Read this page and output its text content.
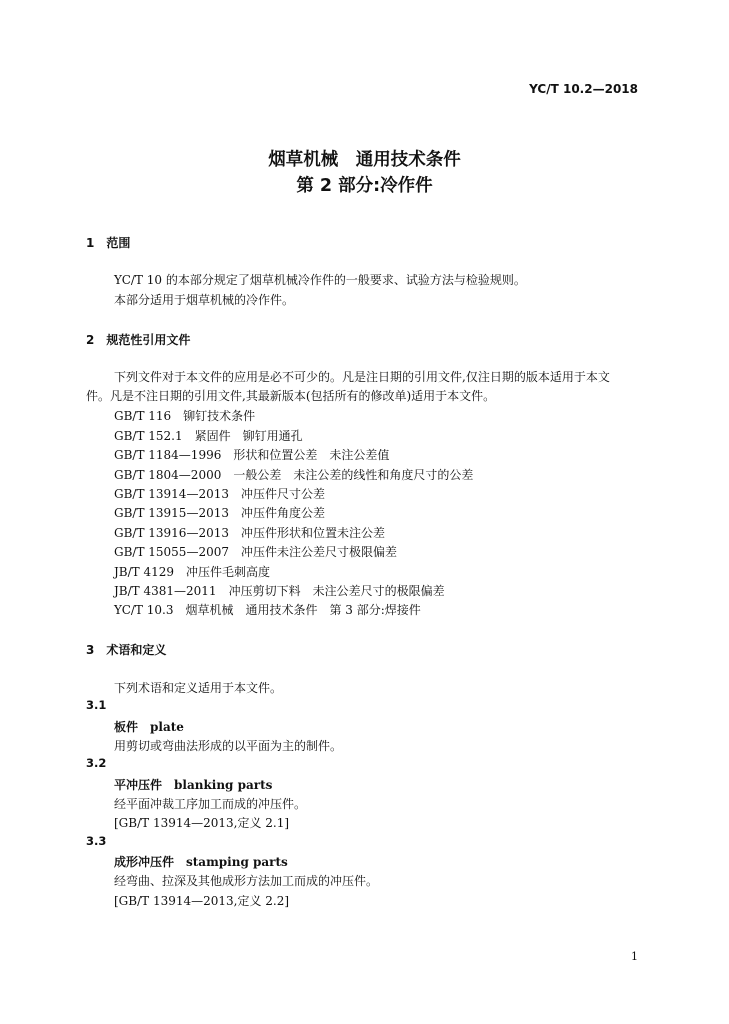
YC/T 10.2—2018
烟草机械　通用技术条件
第 2 部分:冷作件
1　范围
YC/T 10 的本部分规定了烟草机械冷作件的一般要求、试验方法与检验规则。
本部分适用于烟草机械的冷作件。
2　规范性引用文件
下列文件对于本文件的应用是必不可少的。凡是注日期的引用文件,仅注日期的版本适用于本文
件。凡是不注日期的引用文件,其最新版本(包括所有的修改单)适用于本文件。
GB/T 116　铆钉技术条件
GB/T 152.1　紧固件　铆钉用通孔
GB/T 1184—1996　形状和位置公差　未注公差值
GB/T 1804—2000　一般公差　未注公差的线性和角度尺寸的公差
GB/T 13914—2013　冲压件尺寸公差
GB/T 13915—2013　冲压件角度公差
GB/T 13916—2013　冲压件形状和位置未注公差
GB/T 15055—2007　冲压件未注公差尺寸极限偏差
JB/T 4129　冲压件毛刺高度
JB/T 4381—2011　冲压剪切下料　未注公差尺寸的极限偏差
YC/T 10.3　烟草机械　通用技术条件　第 3 部分:焊接件
3　术语和定义
下列术语和定义适用于本文件。
3.1
板件　plate
用剪切或弯曲法形成的以平面为主的制件。
3.2
平冲压件　blanking parts
经平面冲裁工序加工而成的冲压件。
[GB/T 13914—2013,定义 2.1]
3.3
成形冲压件　stamping parts
经弯曲、拉深及其他成形方法加工而成的冲压件。
[GB/T 13914—2013,定义 2.2]
1
